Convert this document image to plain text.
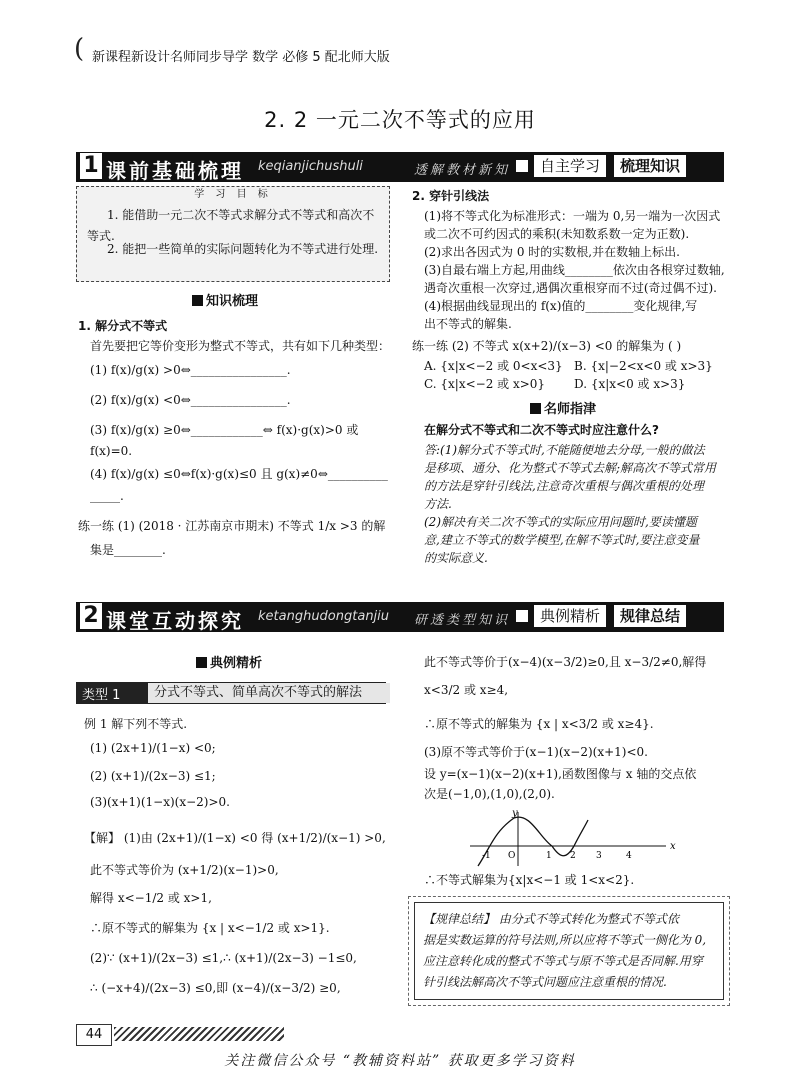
( 新课程新设计名师同步导学 数学 必修 5 配北师大版
2. 2 一元二次不等式的应用
1 课前基础梳理 keqianjichushuli	透解教材新知	自主学习	梳理知识
学 习 目 标
1. 能借助一元二次不等式求解分式不等式和高次不等式.
2. 能把一些简单的实际问题转化为不等式进行处理.
知识梳理
1. 解分式不等式
首先要把它等价变形为整式不等式，共有如下几种类型：
(1) f(x)/g(x) >0⇔________________.
(2) f(x)/g(x) <0⇔________________.
(3) f(x)/g(x) ≥0⇔____________⇔ f(x)·g(x)>0 或
f(x)=0.
(4) f(x)/g(x) ≤0⇔f(x)·g(x)≤0 且 g(x)≠0⇔__________
_____.
练一练 (1) (2018 · 江苏南京市期末) 不等式 1/x >3 的解
集是________.
2. 穿针引线法
(1)将不等式化为标准形式：一端为 0,另一端为一次因式
或二次不可约因式的乘积(未知数系数一定为正数).
(2)求出各因式为 0 时的实数根,并在数轴上标出.
(3)自最右端上方起,用曲线________依次由各根穿过数轴,
遇奇次重根一次穿过,遇偶次重根穿而不过(奇过偶不过).
(4)根据曲线显现出的 f(x)值的________变化规律,写
出不等式的解集.
练一练 (2) 不等式 x(x+2)/(x−3) <0 的解集为 ( )
A. {x|x<−2 或 0<x<3} B. {x|−2<x<0 或 x>3}
C. {x|x<−2 或 x>0} D. {x|x<0 或 x>3}
名师指津
在解分式不等式和二次不等式时应注意什么?
答:(1)解分式不等式时,不能随便地去分母,一般的做法
是移项、通分、化为整式不等式去解;解高次不等式常用
的方法是穿针引线法,注意奇次重根与偶次重根的处理
方法.
(2)解决有关二次不等式的实际应用问题时,要读懂题
意,建立不等式的数学模型,在解不等式时,要注意变量
的实际意义.
2 课堂互动探究 ketanghudongtanjiu 研透类型知识	典例精析	规律总结
典例精析
类型 1	分式不等式、简单高次不等式的解法
例 1 解下列不等式.
(1) (2x+1)/(1−x) <0;
(2) (x+1)/(2x−3) ≤1;
(3)(x+1)(1−x)(x−2)>0.
【解】 (1)由 (2x+1)/(1−x) <0 得 (x+1/2)/(x−1) >0,
此不等式等价为 (x+1/2)(x−1)>0,
解得 x<−1/2 或 x>1,
∴原不等式的解集为 {x | x<−1/2 或 x>1}.
(2)∵ (x+1)/(2x−3) ≤1,∴ (x+1)/(2x−3) −1≤0,
∴ (−x+4)/(2x−3) ≤0,即 (x−4)/(x−3/2) ≥0,
此不等式等价于(x−4)(x−3/2)≥0,且 x−3/2≠0,解得
x<3/2 或 x≥4,
∴原不等式的解集为 {x | x<3/2 或 x≥4}.
(3)原不等式等价于(x−1)(x−2)(x+1)<0.
设 y=(x−1)(x−2)(x+1),函数图像与 x 轴的交点依
次是(−1,0),(1,0),(2,0).
y
x
O
-1	1 2 3	4
∴不等式解集为{x|x<−1 或 1<x<2}.
【规律总结】 由分式不等式转化为整式不等式依
据是实数运算的符号法则,所以应将不等式一侧化为 0,
应注意转化成的整式不等式与原不等式是否同解.用穿
针引线法解高次不等式问题应注意重根的情况.
44
关注微信公众号 “教辅资料站” 获取更多学习资料
